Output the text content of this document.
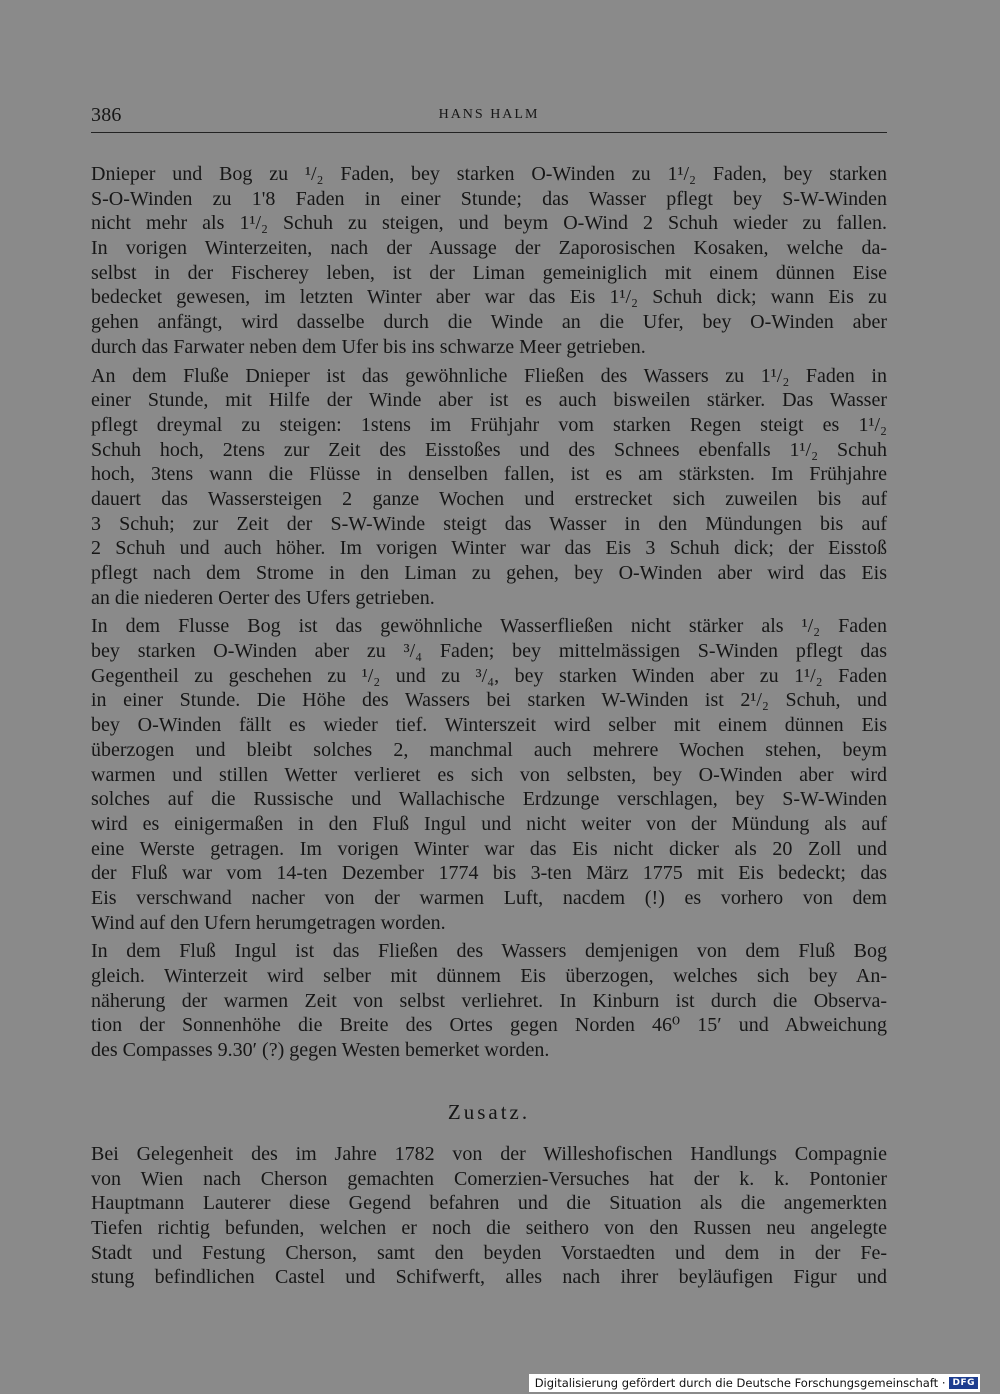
386	HANS HALM
Dnieper und Bog zu ¹/₂ Faden, bey starken O-Winden zu 1¹/₂ Faden, bey starken
S-O-Winden zu 1'8 Faden in einer Stunde; das Wasser pflegt bey S-W-Winden
nicht mehr als 1¹/₂ Schuh zu steigen, und beym O-Wind 2 Schuh wieder zu fallen.
In vorigen Winterzeiten, nach der Aussage der Zaporosischen Kosaken, welche da-
selbst in der Fischerey leben, ist der Liman gemeiniglich mit einem dünnen Eise
bedecket gewesen, im letzten Winter aber war das Eis 1¹/₂ Schuh dick; wann Eis zu
gehen anfängt, wird dasselbe durch die Winde an die Ufer, bey O-Winden aber
durch das Farwater neben dem Ufer bis ins schwarze Meer getrieben.
An dem Fluße Dnieper ist das gewöhnliche Fließen des Wassers zu 1¹/₂ Faden in
einer Stunde, mit Hilfe der Winde aber ist es auch bisweilen stärker. Das Wasser
pflegt dreymal zu steigen: 1stens im Frühjahr vom starken Regen steigt es 1¹/₂
Schuh hoch, 2tens zur Zeit des Eisstoßes und des Schnees ebenfalls 1¹/₂ Schuh
hoch, 3tens wann die Flüsse in denselben fallen, ist es am stärksten. Im Frühjahre
dauert das Wassersteigen 2 ganze Wochen und erstrecket sich zuweilen bis auf
3 Schuh; zur Zeit der S-W-Winde steigt das Wasser in den Mündungen bis auf
2 Schuh und auch höher. Im vorigen Winter war das Eis 3 Schuh dick; der Eisstoß
pflegt nach dem Strome in den Liman zu gehen, bey O-Winden aber wird das Eis
an die niederen Oerter des Ufers getrieben.
In dem Flusse Bog ist das gewöhnliche Wasserfließen nicht stärker als ¹/₂ Faden
bey starken O-Winden aber zu ³/₄ Faden; bey mittelmässigen S-Winden pflegt das
Gegentheil zu geschehen zu ¹/₂ und zu ³/₄, bey starken Winden aber zu 1¹/₂ Faden
in einer Stunde. Die Höhe des Wassers bei starken W-Winden ist 2¹/₂ Schuh, und
bey O-Winden fällt es wieder tief. Winterszeit wird selber mit einem dünnen Eis
überzogen und bleibt solches 2, manchmal auch mehrere Wochen stehen, beym
warmen und stillen Wetter verlieret es sich von selbsten, bey O-Winden aber wird
solches auf die Russische und Wallachische Erdzunge verschlagen, bey S-W-Winden
wird es einigermaßen in den Fluß Ingul und nicht weiter von der Mündung als auf
eine Werste getragen. Im vorigen Winter war das Eis nicht dicker als 20 Zoll und
der Fluß war vom 14-ten Dezember 1774 bis 3-ten März 1775 mit Eis bedeckt; das
Eis verschwand nacher von der warmen Luft, nacdem (!) es vorhero von dem
Wind auf den Ufern herumgetragen worden.
In dem Fluß Ingul ist das Fließen des Wassers demjenigen von dem Fluß Bog
gleich. Winterzeit wird selber mit dünnem Eis überzogen, welches sich bey An-
näherung der warmen Zeit von selbst verliehret. In Kinburn ist durch die Observa-
tion der Sonnenhöhe die Breite des Ortes gegen Norden 46⁰ 15′ und Abweichung
des Compasses 9.30′ (?) gegen Westen bemerket worden.
Zusatz.
Bei Gelegenheit des im Jahre 1782 von der Willeshofischen Handlungs Compagnie
von Wien nach Cherson gemachten Comerzien-Versuches hat der k. k. Pontonier
Hauptmann Lauterer diese Gegend befahren und die Situation als die angemerkten
Tiefen richtig befunden, welchen er noch die seithero von den Russen neu angelegte
Stadt und Festung Cherson, samt den beyden Vorstaedten und dem in der Fe-
stung befindlichen Castel und Schifwerft, alles nach ihrer beyläufigen Figur und
Digitalisierung gefördert durch die Deutsche Forschungsgemeinschaft · DFG
